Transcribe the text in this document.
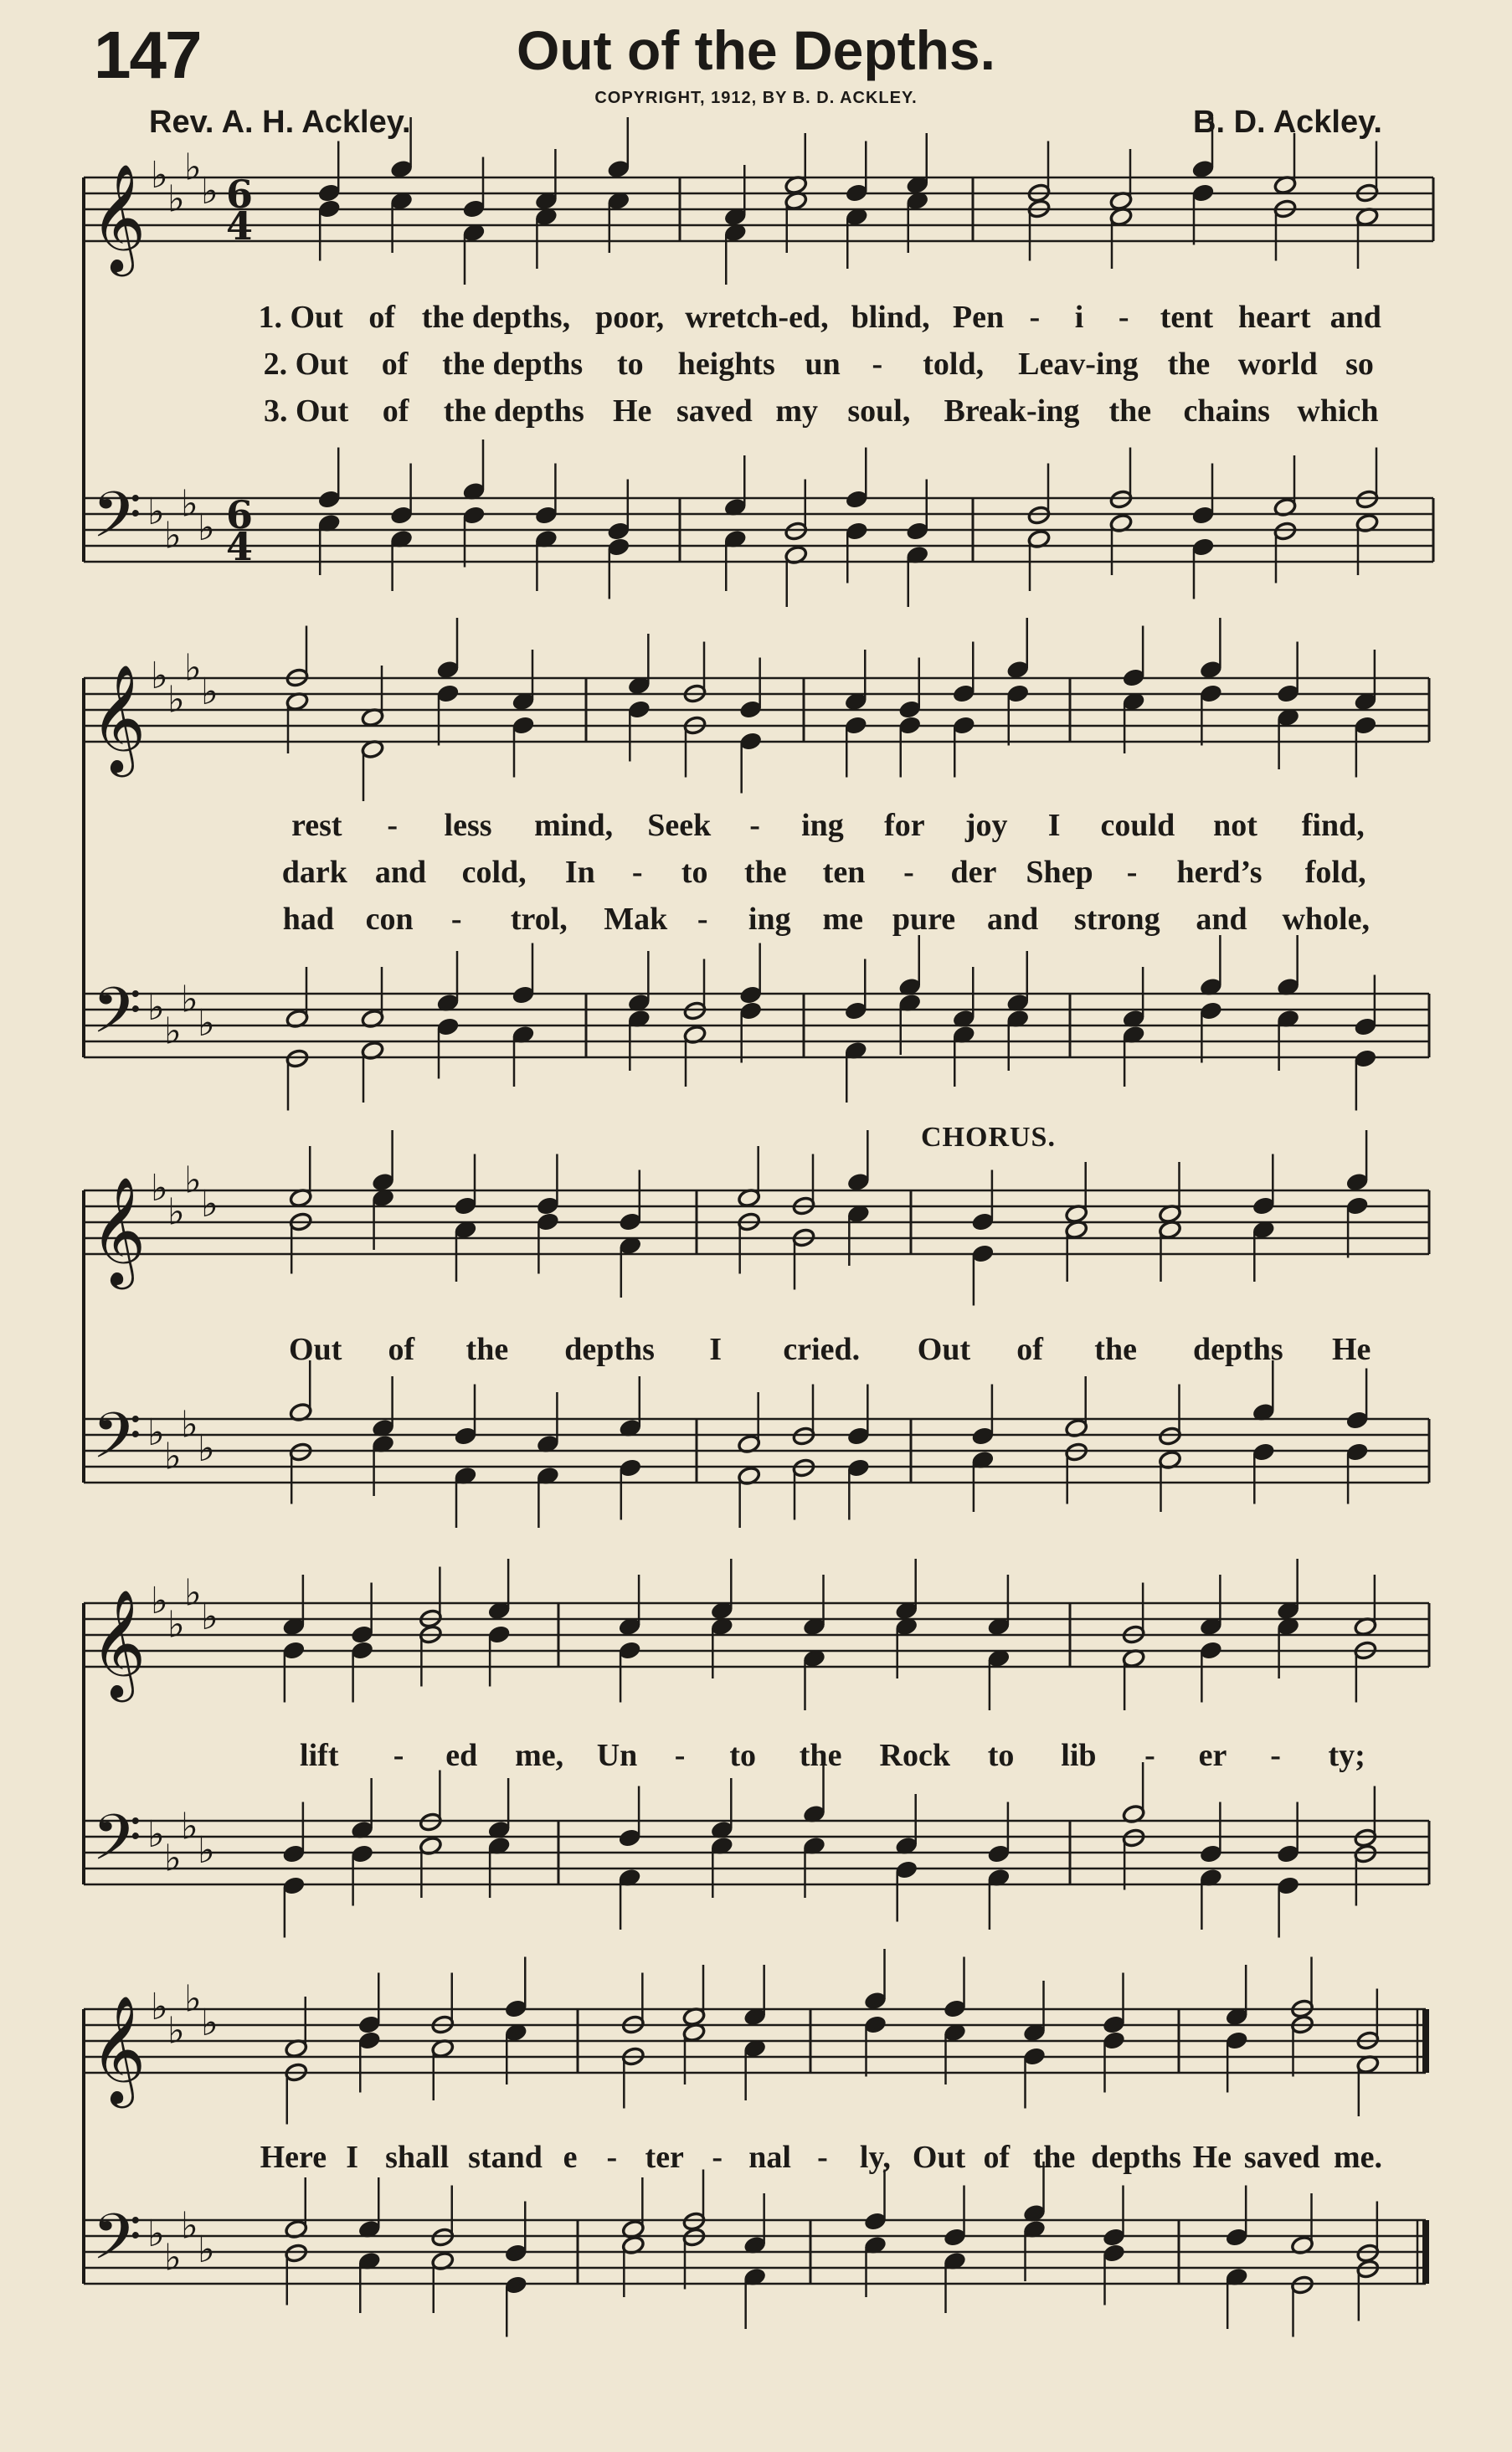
147	Out of the Depths.
COPYRIGHT, 1912, BY B. D. ACKLEY.
Rev. A. H. Ackley.	B. D. Ackley.
CHORUS.
𝄞
𝄢
♭
♭
♭
♭
♭
♭
♭
♭
6
4
6
4
𝄞
𝄢
♭
♭
♭
♭
♭
♭
♭
♭
𝄞
𝄢
♭
♭
♭
♭
♭
♭
♭
♭
𝄞
𝄢
♭
♭
♭
♭
♭
♭
♭
♭
𝄞
𝄢
♭
♭
♭
♭
♭
♭
♭
♭
1. Out of the depths, poor, wretch-ed, blind, Pen - i - tent heart and
2. Out of the depths to heights un - told, Leav-ing the world so
3. Out of the depths He saved my soul, Break-ing the chains which
rest - less mind, Seek - ing for joy I could not find,
dark and cold, In - to the ten - der Shep - herd’s fold,
had con - trol, Mak - ing me pure and strong and whole,
Out of the depths I cried. Out of the depths He
lift - ed me, Un - to the Rock to lib - er - ty;
Here I shall stand e - ter - nal - ly, Out of the depths He saved me.
